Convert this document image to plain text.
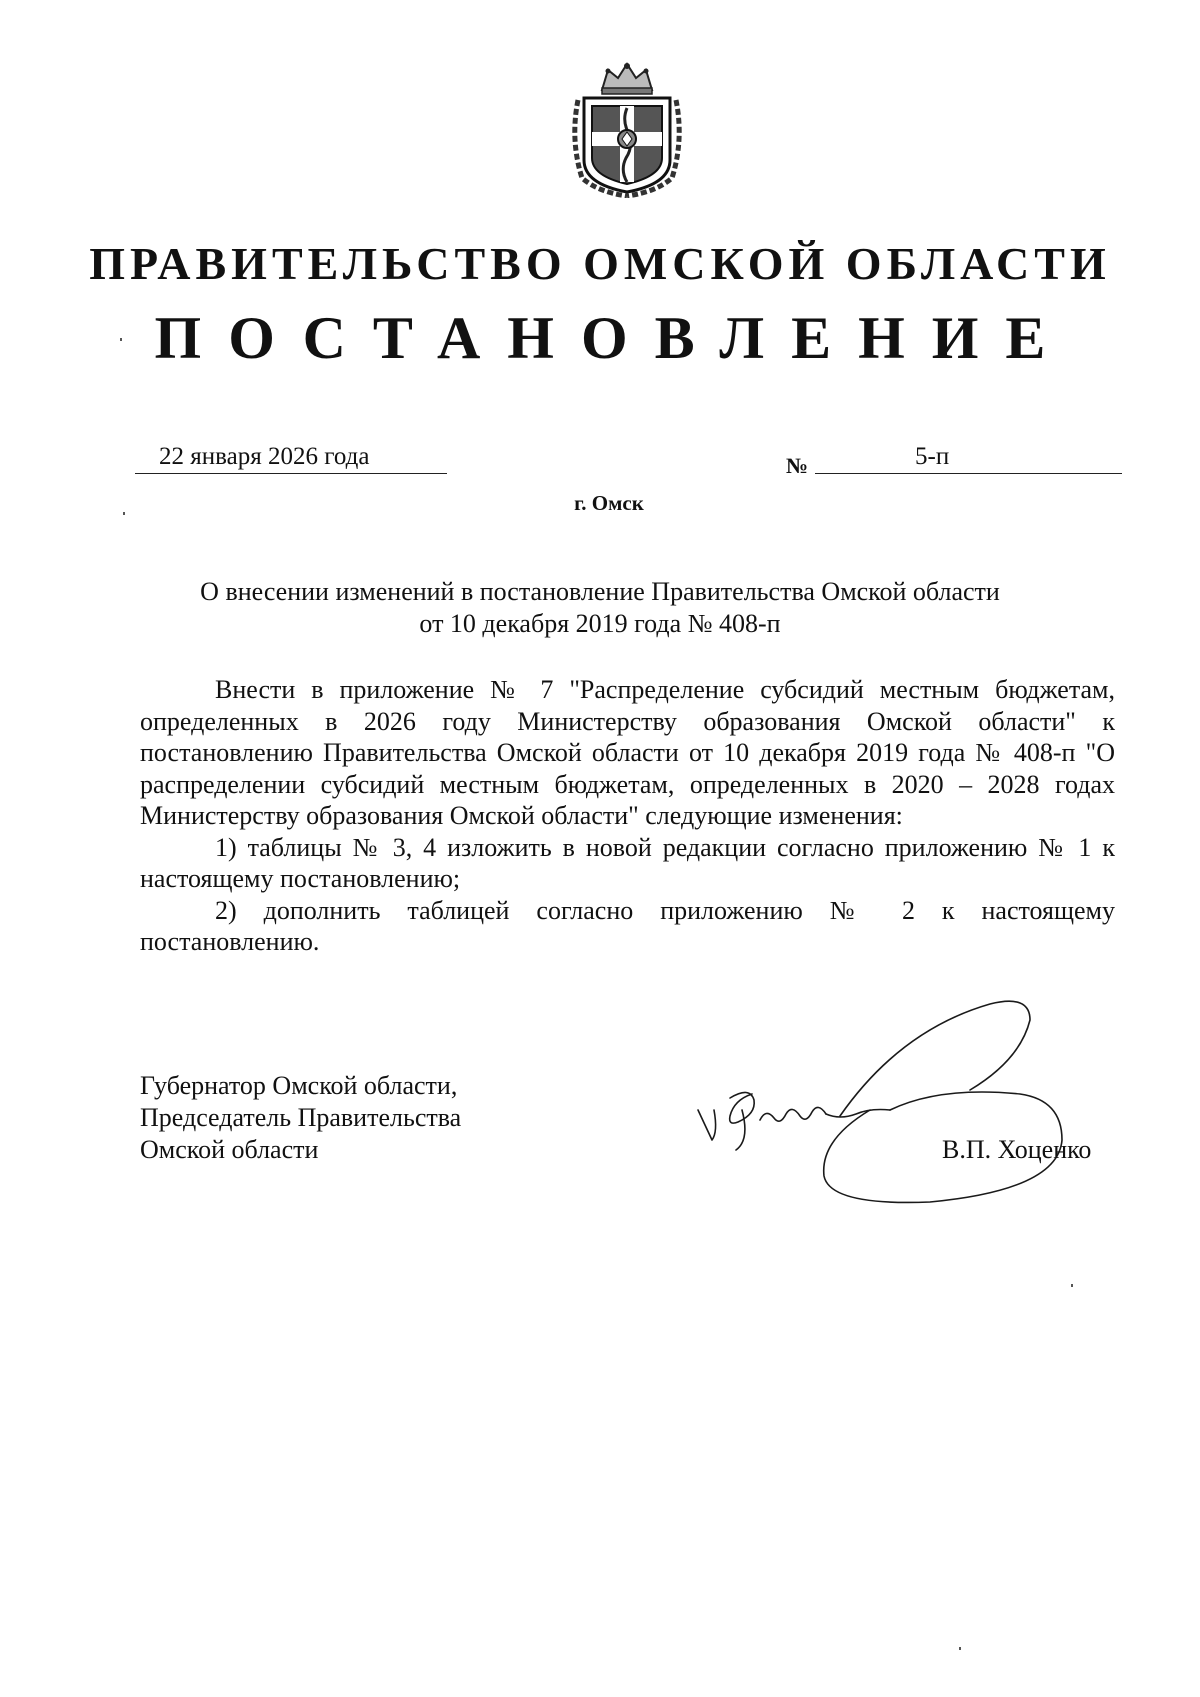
ПРАВИТЕЛЬСТВО ОМСКОЙ ОБЛАСТИ
ПОСТАНОВЛЕНИЕ
22 января 2026 года	№	5-п
г. Омск
О внесении изменений в постановление Правительства Омской области
от 10 декабря 2019 года № 408-п

Внести в приложение № 7 "Распределение субсидий местным бюджетам, определенных в 2026 году Министерству образования Омской области" к постановлению Правительства Омской области от 10 декабря 2019 года № 408-п "О распределении субсидий местным бюджетам, определенных в 2020 – 2028 годах Министерству образования Омской области" следующие изменения:

1) таблицы № 3, 4 изложить в новой редакции согласно приложению № 1 к настоящему постановлению;

2) дополнить таблицей согласно приложению № 2 к настоящему постановлению.

Губернатор Омской области,
Председатель Правительства
Омской области	В.П. Хоценко
